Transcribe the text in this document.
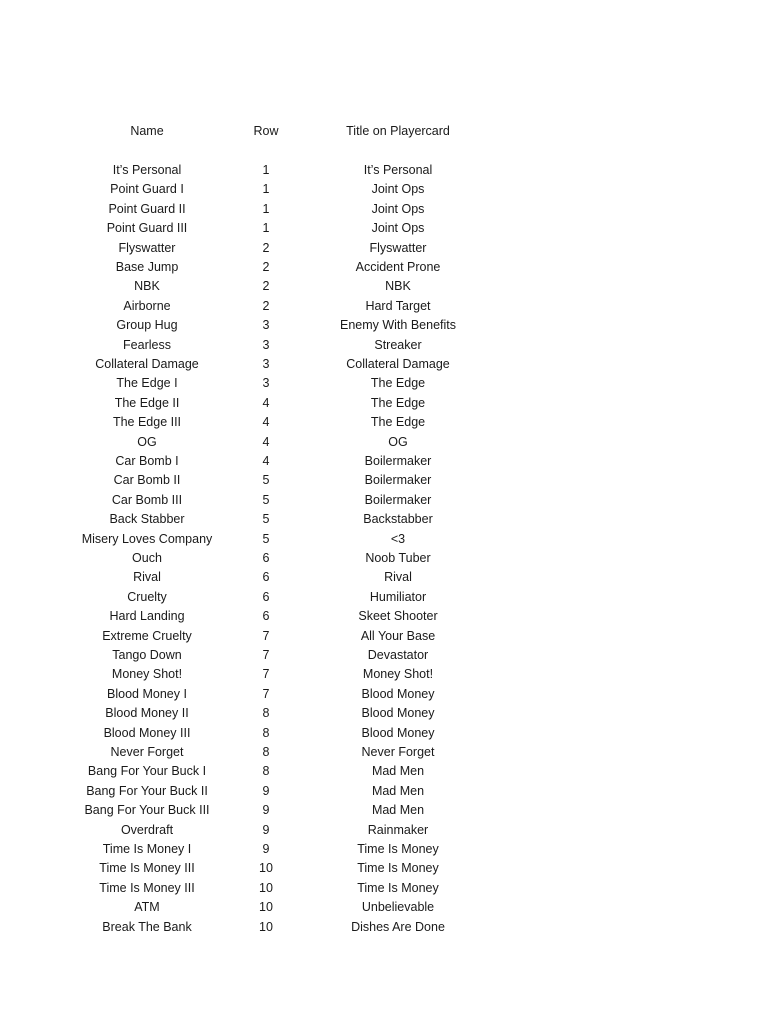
Name	Row	Title on Playercard
It’s Personal	1	It’s Personal
Point Guard I	1	Joint Ops
Point Guard II	1	Joint Ops
Point Guard III	1	Joint Ops
Flyswatter	2	Flyswatter
Base Jump	2	Accident Prone
NBK	2	NBK
Airborne	2	Hard Target
Group Hug	3	Enemy With Benefits
Fearless	3	Streaker
Collateral Damage	3	Collateral Damage
The Edge I	3	The Edge
The Edge II	4	The Edge
The Edge III	4	The Edge
OG	4	OG
Car Bomb I	4	Boilermaker
Car Bomb II	5	Boilermaker
Car Bomb III	5	Boilermaker
Back Stabber	5	Backstabber
Misery Loves Company	5	<3
Ouch	6	Noob Tuber
Rival	6	Rival
Cruelty	6	Humiliator
Hard Landing	6	Skeet Shooter
Extreme Cruelty	7	All Your Base
Tango Down	7	Devastator
Money Shot!	7	Money Shot!
Blood Money I	7	Blood Money
Blood Money II	8	Blood Money
Blood Money III	8	Blood Money
Never Forget	8	Never Forget
Bang For Your Buck I	8	Mad Men
Bang For Your Buck II	9	Mad Men
Bang For Your Buck III	9	Mad Men
Overdraft	9	Rainmaker
Time Is Money I	9	Time Is Money
Time Is Money III	10	Time Is Money
Time Is Money III	10	Time Is Money
ATM	10	Unbelievable
Break The Bank	10	Dishes Are Done
